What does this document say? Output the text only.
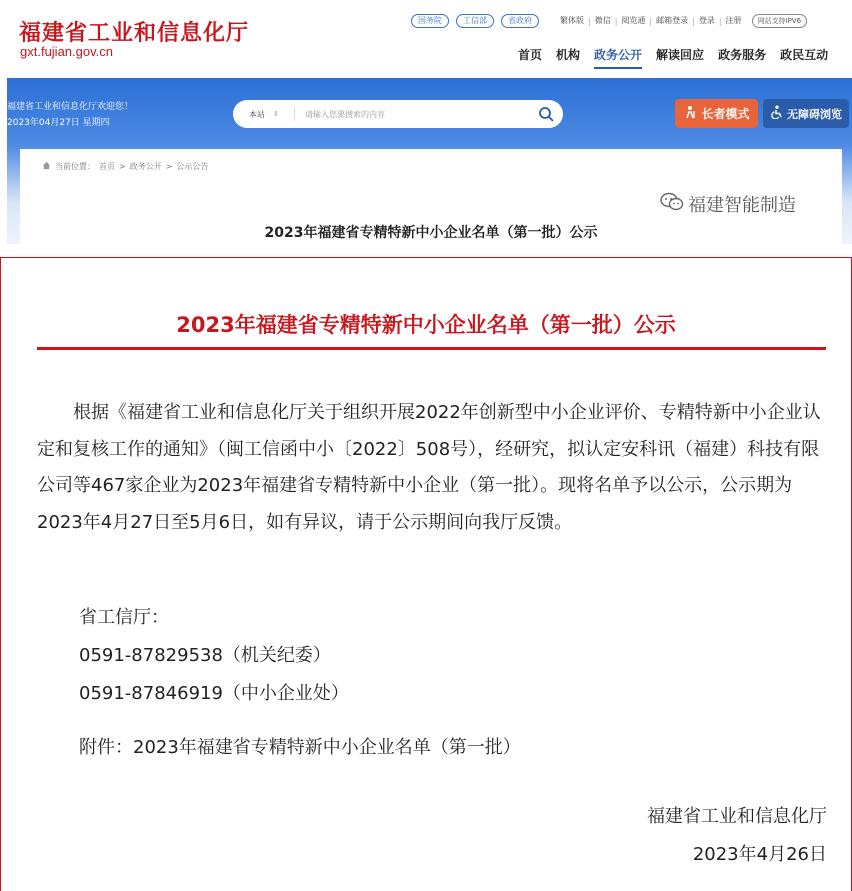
福建省工业和信息化厅
gxt.fujian.gov.cn
国务院	工信部	省政府	繁体版 | 微信 | 阅览通 | 邮箱登录 | 登录 | 注册	网站支持IPV6
首页 机构 政务公开 解读回应 政务服务 政民互动
福建省工业和信息化厅欢迎您！
2023年04月27日 星期四
本站 ⇕
请输入您要搜索的内容	长者模式	无障碍浏览
当前位置： 首页 > 政务公开 > 公示公告
福建智能制造
2023年福建省专精特新中小企业名单（第一批）公示
2023年福建省专精特新中小企业名单（第一批）公示

根据《福建省工业和信息化厅关于组织开展2022年创新型中小企业评价、专精特新中小企业认定和复核工作的通知》（闽工信函中小〔2022〕508号），经研究，拟认定安科讯（福建）科技有限公司等467家企业为2023年福建省专精特新中小企业（第一批）。现将名单予以公示，公示期为2023年4月27日至5月6日，如有异议，请于公示期间向我厅反馈。

省工信厅：
0591-87829538（机关纪委）
0591-87846919（中小企业处）
附件：2023年福建省专精特新中小企业名单（第一批）
福建省工业和信息化厅
2023年4月26日
